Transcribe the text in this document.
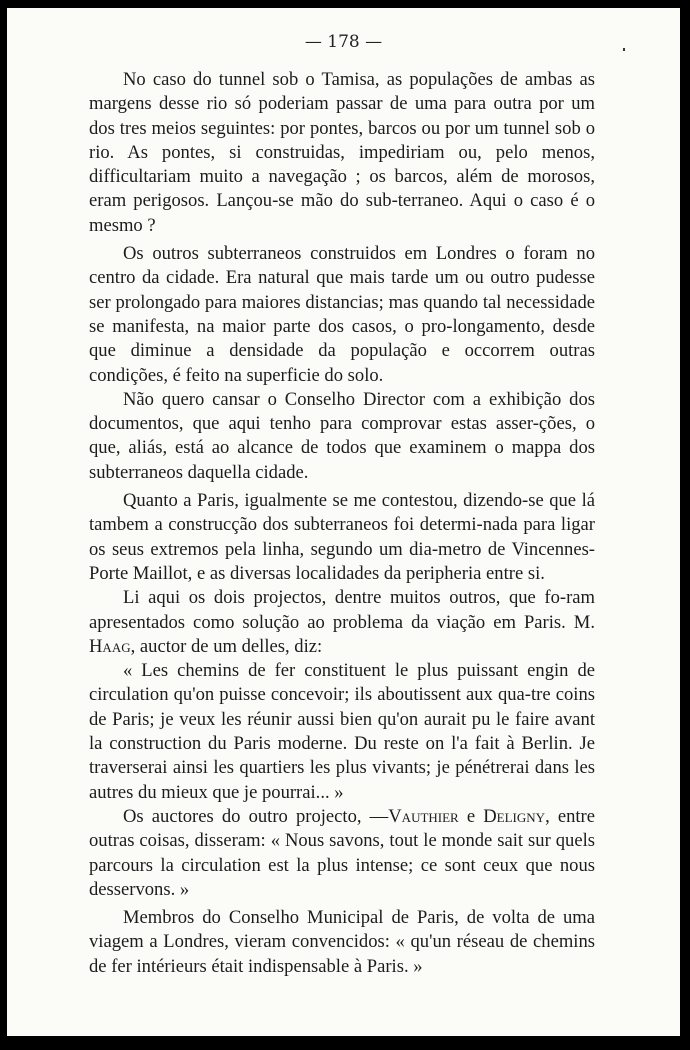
— 178 —

No caso do tunnel sob o Tamisa, as populações de ambas as margens desse rio só poderiam passar de uma para outra por um dos tres meios seguintes: por pontes, barcos ou por um tunnel sob o rio. As pontes, si construidas, impediriam ou, pelo menos, difficultariam muito a navegação ; os barcos, além de morosos, eram perigosos. Lançou-se mão do sub-terraneo. Aqui o caso é o mesmo ?

Os outros subterraneos construidos em Londres o foram no centro da cidade. Era natural que mais tarde um ou outro pudesse ser prolongado para maiores distancias; mas quando tal necessidade se manifesta, na maior parte dos casos, o pro-longamento, desde que diminue a densidade da população e occorrem outras condições, é feito na superficie do solo.

Não quero cansar o Conselho Director com a exhibição dos documentos, que aqui tenho para comprovar estas asser-ções, o que, aliás, está ao alcance de todos que examinem o mappa dos subterraneos daquella cidade.

Quanto a Paris, igualmente se me contestou, dizendo-se que lá tambem a construcção dos subterraneos foi determi-nada para ligar os seus extremos pela linha, segundo um dia-metro de Vincennes-Porte Maillot, e as diversas localidades da peripheria entre si.

Li aqui os dois projectos, dentre muitos outros, que fo-ram apresentados como solução ao problema da viação em Paris. M. Haag, auctor de um delles, diz:

« Les chemins de fer constituent le plus puissant engin de circulation qu'on puisse concevoir; ils aboutissent aux qua-tre coins de Paris; je veux les réunir aussi bien qu'on aurait pu le faire avant la construction du Paris moderne. Du reste on l'a fait à Berlin. Je traverserai ainsi les quartiers les plus vivants; je pénétrerai dans les autres du mieux que je pourrai... »

Os auctores do outro projecto, —Vauthier e Deligny, entre outras coisas, disseram: « Nous savons, tout le monde sait sur quels parcours la circulation est la plus intense; ce sont ceux que nous desservons. »

Membros do Conselho Municipal de Paris, de volta de uma viagem a Londres, vieram convencidos: « qu'un réseau de chemins de fer intérieurs était indispensable à Paris. »
